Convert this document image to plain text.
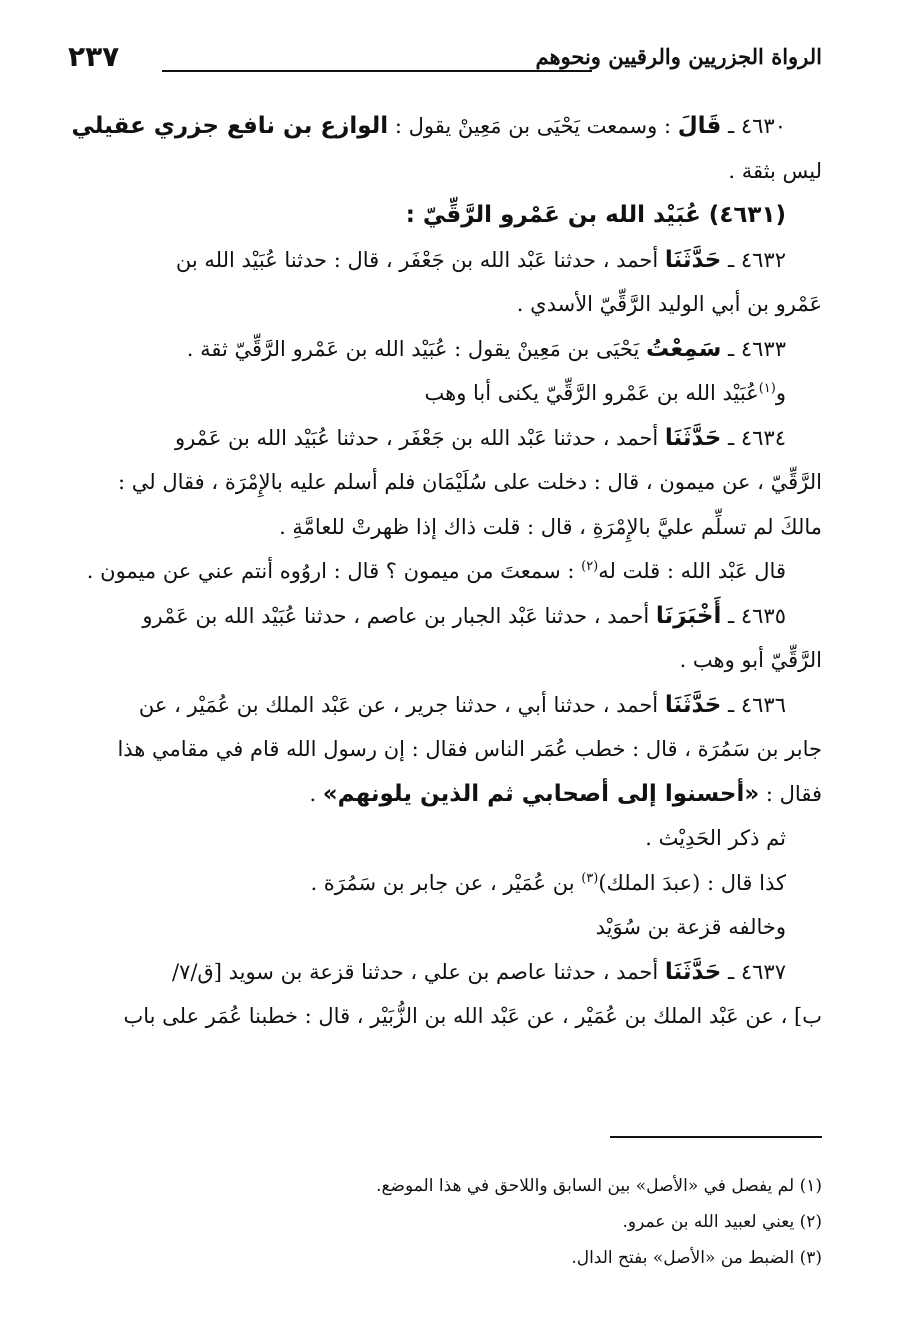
الرواة الجزريين والرقيين ونحوهم
٢٣٧

٤٦٣٠ ـ قَالَ : وسمعت يَحْيَى بن مَعِينْ يقول : الوازع بن نافع جزري عقيلي

ليس بثقة .

(٤٦٣١) عُبَيْد الله بن عَمْرو الرَّقِّيّ :

٤٦٣٢ ـ حَدَّثَنَا أحمد ، حدثنا عَبْد الله بن جَعْفَر ، قال : حدثنا عُبَيْد الله بن

عَمْرو بن أبي الوليد الرَّقِّيّ الأسدي .

٤٦٣٣ ـ سَمِعْتُ يَحْيَى بن مَعِينْ يقول : عُبَيْد الله بن عَمْرو الرَّقِّيّ ثقة .

و$^{(١)}$عُبَيْد الله بن عَمْرو الرَّقِّيّ يكنى أبا وهب

٤٦٣٤ ـ حَدَّثَنَا أحمد ، حدثنا عَبْد الله بن جَعْفَر ، حدثنا عُبَيْد الله بن عَمْرو

الرَّقِّيّ ، عن ميمون ، قال : دخلت على سُلَيْمَان فلم أسلم عليه بالإِمْرَة ، فقال لي :

مالكَ لم تسلِّم عليَّ بالإِمْرَةِ ، قال : قلت ذاك إذا ظهرتْ للعامَّةِ .

قال عَبْد الله : قلت له$^{(٢)}$ : سمعتَ من ميمون ؟ قال : اروُوه أنتم عني عن ميمون .

٤٦٣٥ ـ أَخْبَرَنَا أحمد ، حدثنا عَبْد الجبار بن عاصم ، حدثنا عُبَيْد الله بن عَمْرو

الرَّقِّيّ أبو وهب .

٤٦٣٦ ـ حَدَّثَنَا أحمد ، حدثنا أبي ، حدثنا جرير ، عن عَبْد الملك بن عُمَيْر ، عن

جابر بن سَمُرَة ، قال : خطب عُمَر الناس فقال : إن رسول الله قام في مقامي هذا

فقال : «أحسنوا إلى أصحابي ثم الذين يلونهم» .

ثم ذكر الحَدِيْث .

كذا قال : (عبدَ الملك)$^{(٣)}$ بن عُمَيْر ، عن جابر بن سَمُرَة .

وخالفه قزعة بن سُوَيْد

٤٦٣٧ ـ حَدَّثَنَا أحمد ، حدثنا عاصم بن علي ، حدثنا قزعة بن سويد [ق/٧/

ب] ، عن عَبْد الملك بن عُمَيْر ، عن عَبْد الله بن الزُّبَيْر ، قال : خطبنا عُمَر على باب

(١) لم يفصل في «الأصل» بين السابق واللاحق في هذا الموضع.

(٢) يعني لعبيد الله بن عمرو.

(٣) الضبط من «الأصل» بفتح الدال.
